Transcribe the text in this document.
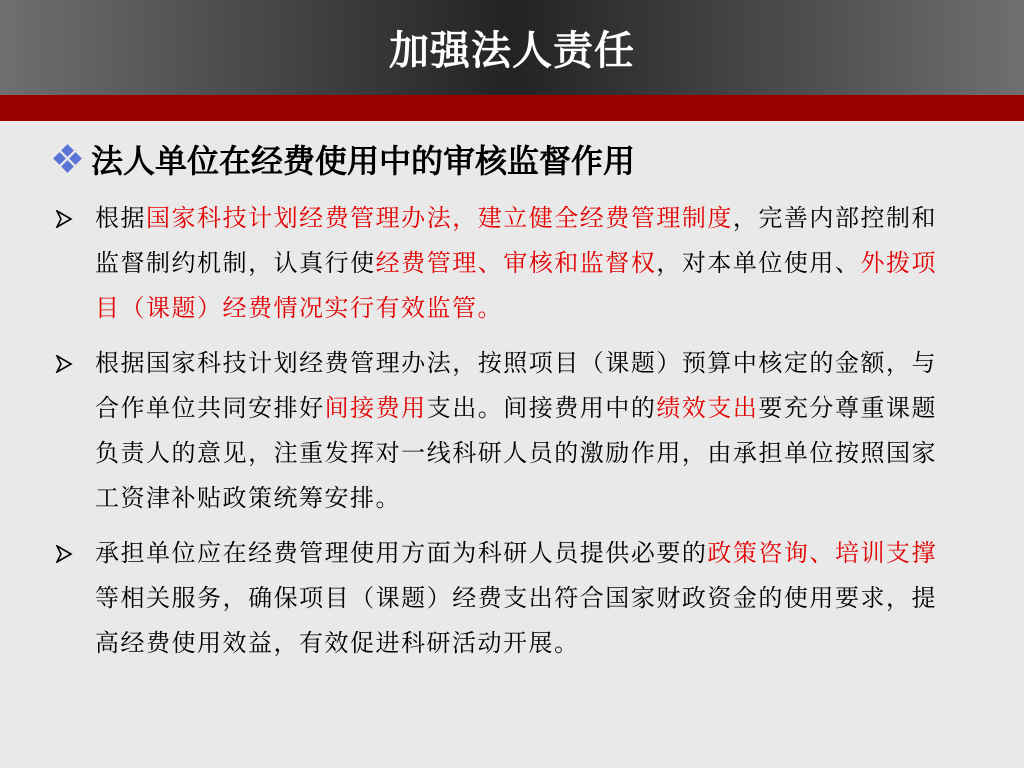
加强法人责任
法人单位在经费使用中的审核监督作用
根据国家科技计划经费管理办法，建立健全经费管理制度，完善内部控制和监督制约机制，认真行使经费管理、审核和监督权，对本单位使用、外拨项目（课题）经费情况实行有效监管。
根据国家科技计划经费管理办法，按照项目（课题）预算中核定的金额，与合作单位共同安排好间接费用支出。间接费用中的绩效支出要充分尊重课题负责人的意见，注重发挥对一线科研人员的激励作用，由承担单位按照国家工资津补贴政策统筹安排。
承担单位应在经费管理使用方面为科研人员提供必要的政策咨询、培训支撑等相关服务，确保项目（课题）经费支出符合国家财政资金的使用要求，提高经费使用效益，有效促进科研活动开展。
